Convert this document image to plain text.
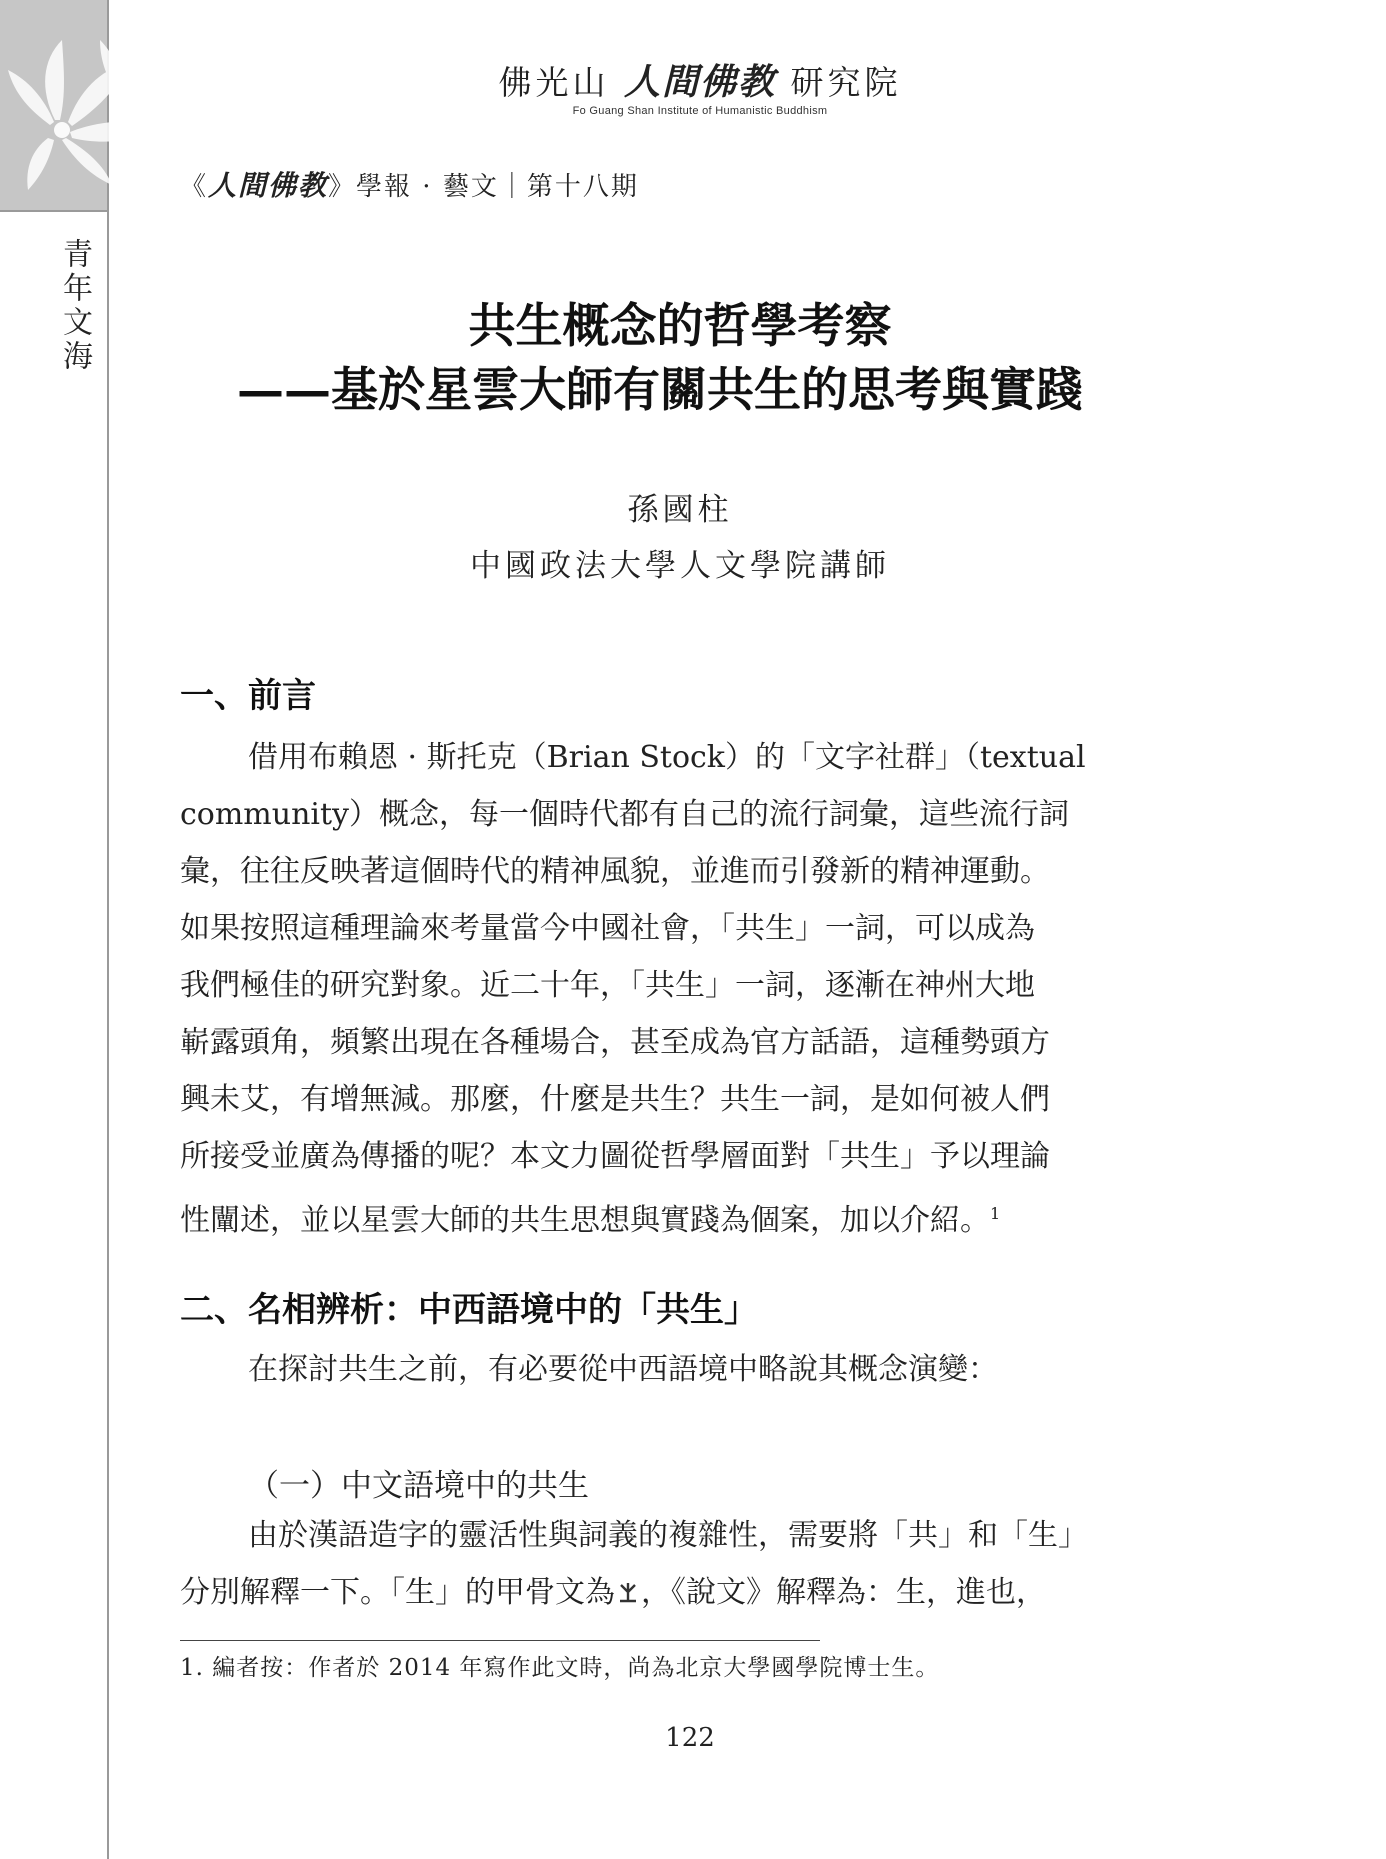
青年文海
佛光山 人間佛教 研究院
Fo Guang Shan Institute of Humanistic Buddhism
《人間佛教》學報 · 藝文｜第十八期
共生概念的哲學考察
——基於星雲大師有關共生的思考與實踐
孫國柱
中國政法大學人文學院講師
一、前言
借用布賴恩 · 斯托克（Brian Stock）的「文字社群」（textual
community）概念，每一個時代都有自己的流行詞彙，這些流行詞
彙，往往反映著這個時代的精神風貌，並進而引發新的精神運動。
如果按照這種理論來考量當今中國社會，「共生」一詞，可以成為
我們極佳的研究對象。近二十年，「共生」一詞，逐漸在神州大地
嶄露頭角，頻繁出現在各種場合，甚至成為官方話語，這種勢頭方
興未艾，有增無減。那麼，什麼是共生？共生一詞，是如何被人們
所接受並廣為傳播的呢？本文力圖從哲學層面對「共生」予以理論
性闡述，並以星雲大師的共生思想與實踐為個案，加以介紹。$^1$
二、名相辨析：中西語境中的「共生」
在探討共生之前，有必要從中西語境中略說其概念演變：
（一）中文語境中的共生
由於漢語造字的靈活性與詞義的複雜性，需要將「共」和「生」
分別解釋一下。「生」的甲骨文為 ，《說文》解釋為：生，進也，
1. 編者按：作者於 2014 年寫作此文時，尚為北京大學國學院博士生。
122
